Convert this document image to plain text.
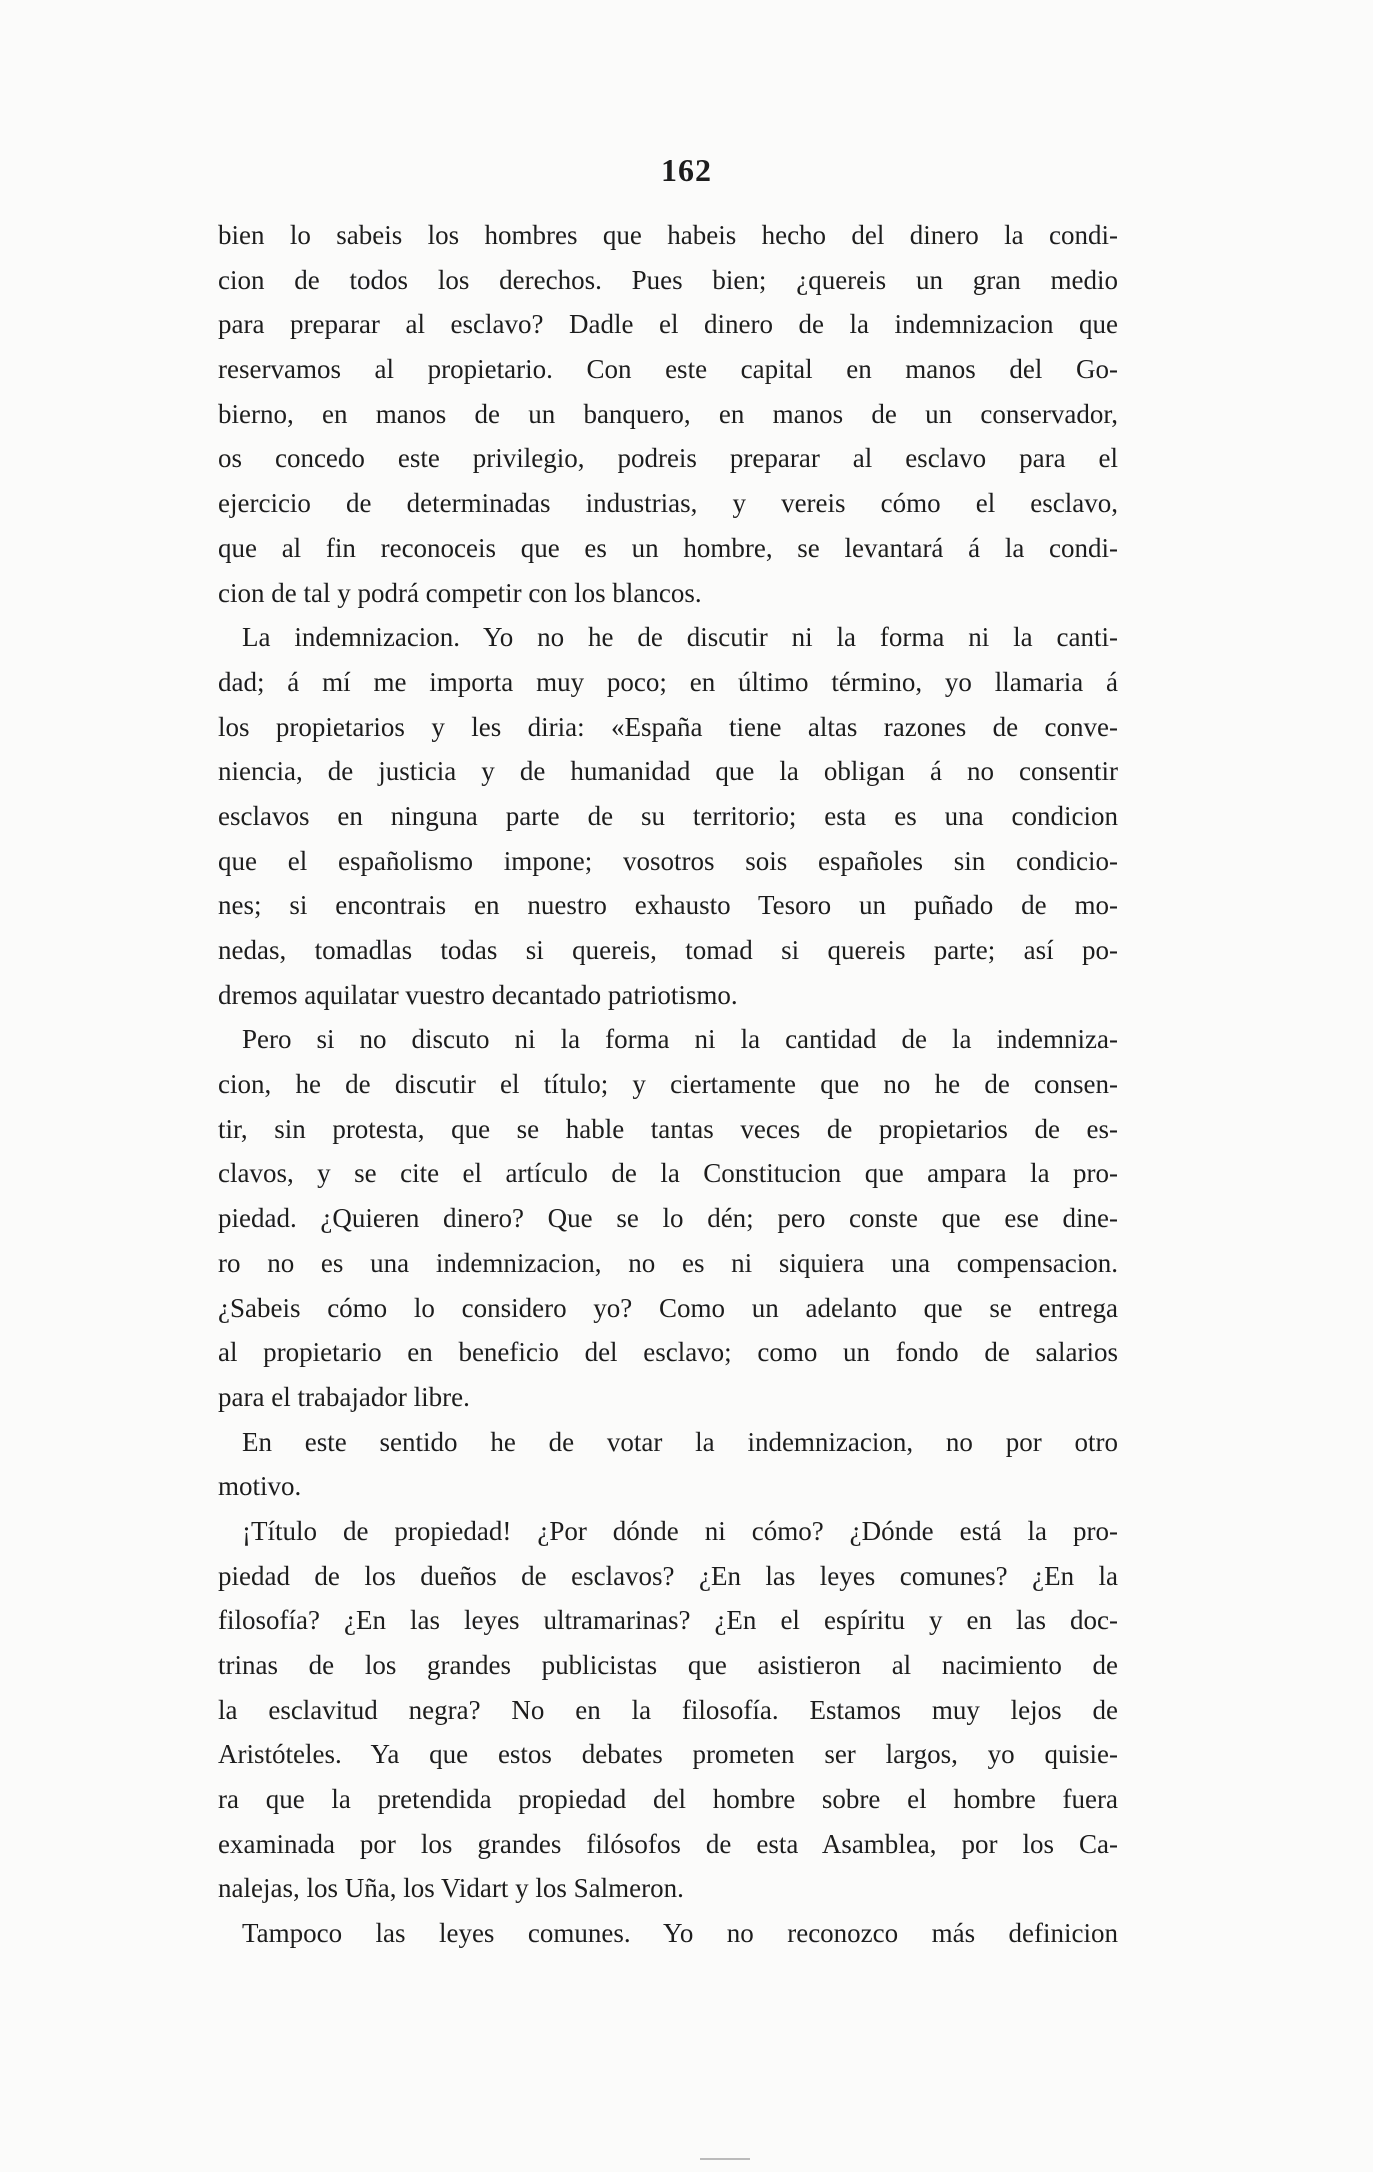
162
bien lo sabeis los hombres que habeis hecho del dinero la condi-
cion de todos los derechos. Pues bien; ¿quereis un gran medio
para preparar al esclavo? Dadle el dinero de la indemnizacion que
reservamos al propietario. Con este capital en manos del Go-
bierno, en manos de un banquero, en manos de un conservador,
os concedo este privilegio, podreis preparar al esclavo para el
ejercicio de determinadas industrias, y vereis cómo el esclavo,
que al fin reconoceis que es un hombre, se levantará á la condi-
cion de tal y podrá competir con los blancos.
La indemnizacion. Yo no he de discutir ni la forma ni la canti-
dad; á mí me importa muy poco; en último término, yo llamaria á
los propietarios y les diria: «España tiene altas razones de conve-
niencia, de justicia y de humanidad que la obligan á no consentir
esclavos en ninguna parte de su territorio; esta es una condicion
que el españolismo impone; vosotros sois españoles sin condicio-
nes; si encontrais en nuestro exhausto Tesoro un puñado de mo-
nedas, tomadlas todas si quereis, tomad si quereis parte; así po-
dremos aquilatar vuestro decantado patriotismo.
Pero si no discuto ni la forma ni la cantidad de la indemniza-
cion, he de discutir el título; y ciertamente que no he de consen-
tir, sin protesta, que se hable tantas veces de propietarios de es-
clavos, y se cite el artículo de la Constitucion que ampara la pro-
piedad. ¿Quieren dinero? Que se lo dén; pero conste que ese dine-
ro no es una indemnizacion, no es ni siquiera una compensacion.
¿Sabeis cómo lo considero yo? Como un adelanto que se entrega
al propietario en beneficio del esclavo; como un fondo de salarios
para el trabajador libre.
En este sentido he de votar la indemnizacion, no por otro
motivo.
¡Título de propiedad! ¿Por dónde ni cómo? ¿Dónde está la pro-
piedad de los dueños de esclavos? ¿En las leyes comunes? ¿En la
filosofía? ¿En las leyes ultramarinas? ¿En el espíritu y en las doc-
trinas de los grandes publicistas que asistieron al nacimiento de
la esclavitud negra? No en la filosofía. Estamos muy lejos de
Aristóteles. Ya que estos debates prometen ser largos, yo quisie-
ra que la pretendida propiedad del hombre sobre el hombre fuera
examinada por los grandes filósofos de esta Asamblea, por los Ca-
nalejas, los Uña, los Vidart y los Salmeron.
Tampoco las leyes comunes. Yo no reconozco más definicion
